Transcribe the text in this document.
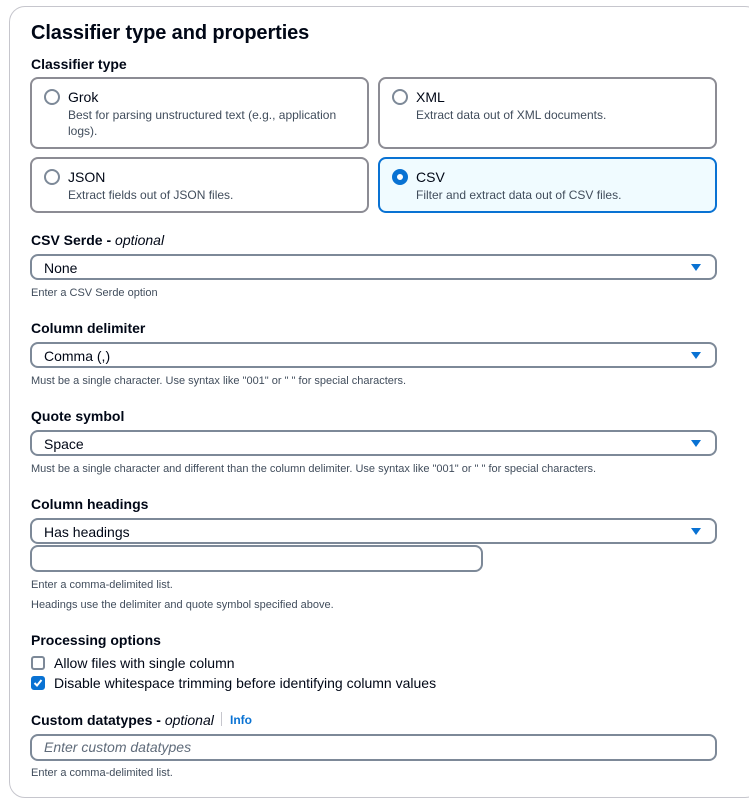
Classifier type and properties
Classifier type
Grok
Best for parsing unstructured text (e.g., application logs).
XML
Extract data out of XML documents.
JSON
Extract fields out of JSON files.
CSV
Filter and extract data out of CSV files.
CSV Serde - optional
None
Enter a CSV Serde option
Column delimiter
Comma (,)
Must be a single character. Use syntax like "001" or " " for special characters.
Quote symbol
Space
Must be a single character and different than the column delimiter. Use syntax like "001" or " " for special characters.
Column headings
Has headings
Enter a comma-delimited list.
Headings use the delimiter and quote symbol specified above.
Processing options
Allow files with single column
Disable whitespace trimming before identifying column values
Custom datatypes - optional Info
Enter custom datatypes
Enter a comma-delimited list.
